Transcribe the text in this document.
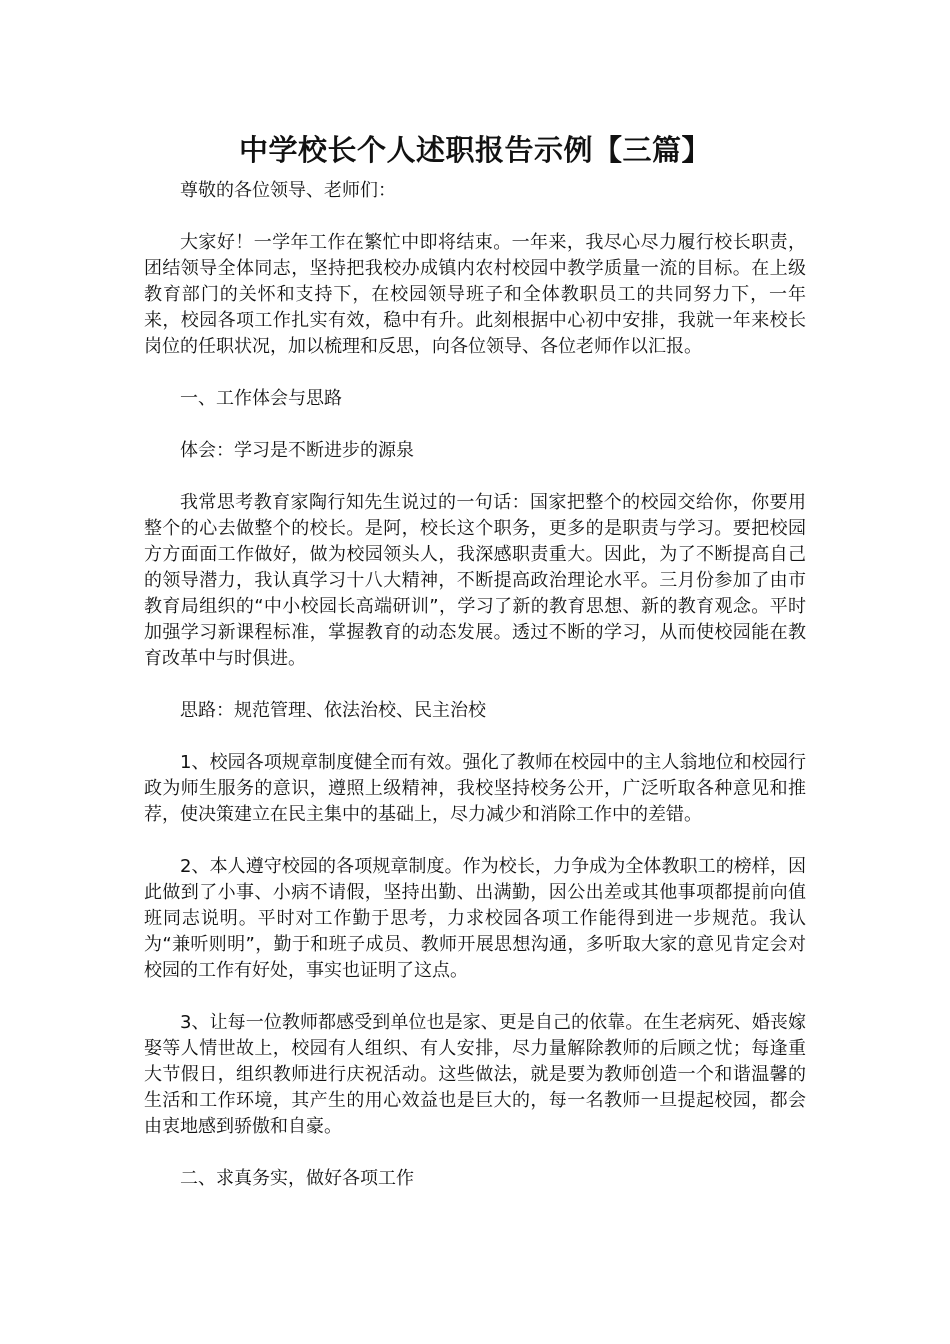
中学校长个人述职报告示例【三篇】

尊敬的各位领导、老师们：

大家好！一学年工作在繁忙中即将结束。一年来，我尽心尽力履行校长职责，团结领导全体同志，坚持把我校办成镇内农村校园中教学质量一流的目标。在上级教育部门的关怀和支持下，在校园领导班子和全体教职员工的共同努力下，一年来，校园各项工作扎实有效，稳中有升。此刻根据中心初中安排，我就一年来校长岗位的任职状况，加以梳理和反思，向各位领导、各位老师作以汇报。

一、工作体会与思路

体会：学习是不断进步的源泉

我常思考教育家陶行知先生说过的一句话：国家把整个的校园交给你，你要用整个的心去做整个的校长。是阿，校长这个职务，更多的是职责与学习。要把校园方方面面工作做好，做为校园领头人，我深感职责重大。因此，为了不断提高自己的领导潜力，我认真学习十八大精神，不断提高政治理论水平。三月份参加了由市教育局组织的“中小校园长高端研训”，学习了新的教育思想、新的教育观念。平时加强学习新课程标准，掌握教育的动态发展。透过不断的学习，从而使校园能在教育改革中与时俱进。

思路：规范管理、依法治校、民主治校

1、校园各项规章制度健全而有效。强化了教师在校园中的主人翁地位和校园行政为师生服务的意识，遵照上级精神，我校坚持校务公开，广泛听取各种意见和推荐，使决策建立在民主集中的基础上，尽力减少和消除工作中的差错。

2、本人遵守校园的各项规章制度。作为校长，力争成为全体教职工的榜样，因此做到了小事、小病不请假，坚持出勤、出满勤，因公出差或其他事项都提前向值班同志说明。平时对工作勤于思考，力求校园各项工作能得到进一步规范。我认为“兼听则明”，勤于和班子成员、教师开展思想沟通，多听取大家的意见肯定会对校园的工作有好处，事实也证明了这点。

3、让每一位教师都感受到单位也是家、更是自己的依靠。在生老病死、婚丧嫁娶等人情世故上，校园有人组织、有人安排，尽力量解除教师的后顾之忧；每逢重大节假日，组织教师进行庆祝活动。这些做法，就是要为教师创造一个和谐温馨的生活和工作环境，其产生的用心效益也是巨大的，每一名教师一旦提起校园，都会由衷地感到骄傲和自豪。

二、求真务实，做好各项工作
